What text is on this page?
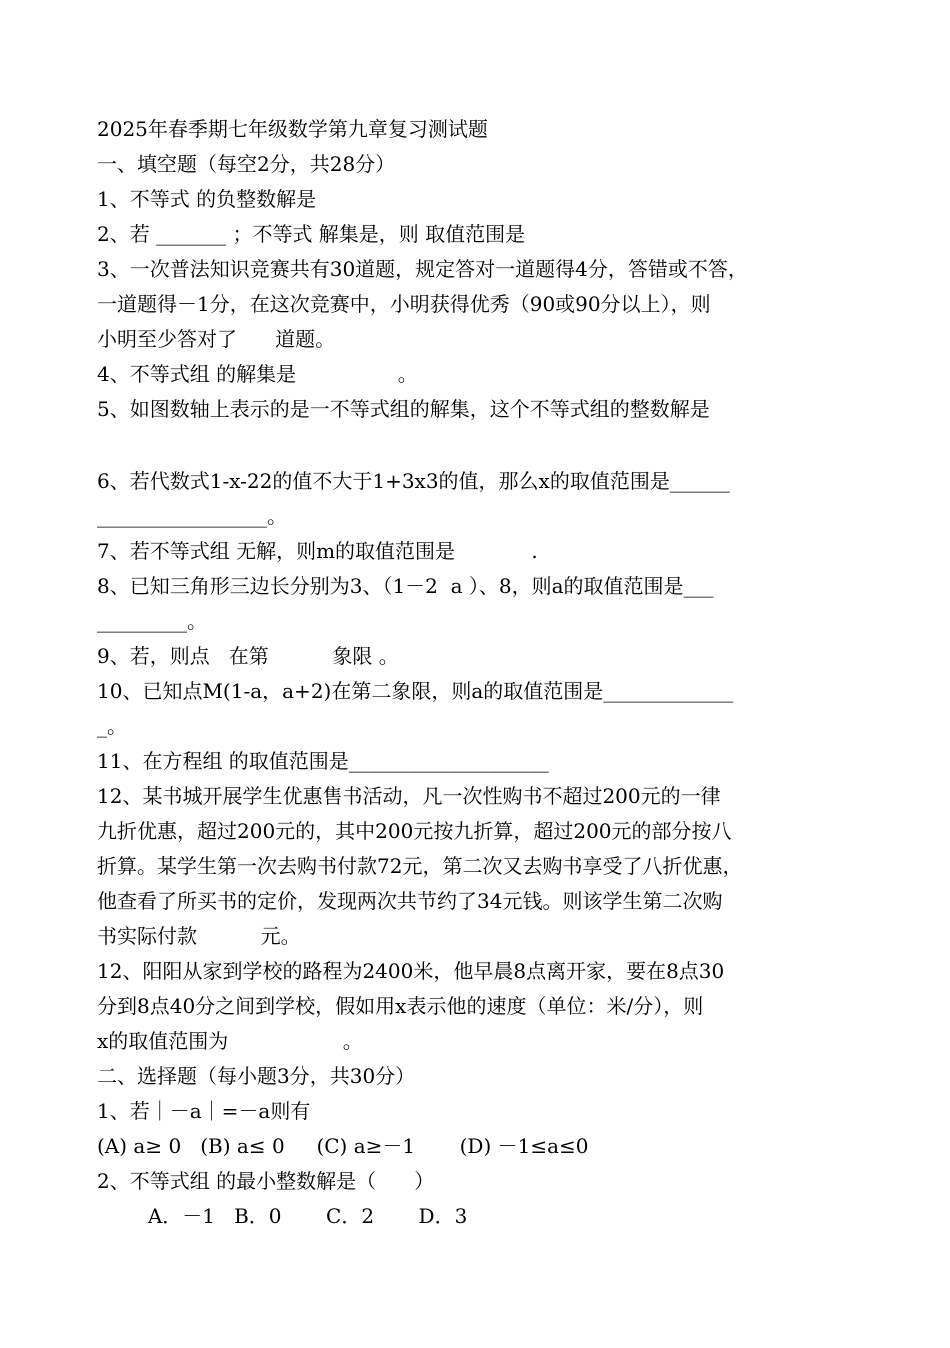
2025年春季期七年级数学第九章复习测试题
一、填空题（每空2分，共28分）
1、不等式 的负整数解是
2、若 _______ ；不等式 解集是，则 取值范围是
3、一次普法知识竞赛共有30道题，规定答对一道题得4分，答错或不答，
一道题得－1分，在这次竞赛中，小明获得优秀（90或90分以上），则
小明至少答对了      道题。
4、不等式组 的解集是                。
5、如图数轴上表示的是一不等式组的解集，这个不等式组的整数解是
6、若代数式1-x-22的值不大于1+3x3的值，那么x的取值范围是______
_________________。
7、若不等式组 无解，则m的取值范围是            .
8、已知三角形三边长分别为3、（1－2  a ）、8，则a的取值范围是___
_________。
9、若，则点   在第          象限 。
10、已知点M(1-a，a+2)在第二象限，则a的取值范围是_____________
_。
11、在方程组 的取值范围是____________________
12、某书城开展学生优惠售书活动，凡一次性购书不超过200元的一律
九折优惠，超过200元的，其中200元按九折算，超过200元的部分按八
折算。某学生第一次去购书付款72元，第二次又去购书享受了八折优惠，
他查看了所买书的定价，发现两次共节约了34元钱。则该学生第二次购
书实际付款          元。
12、阳阳从家到学校的路程为2400米，他早晨8点离开家，要在8点30
分到8点40分之间到学校，假如用x表示他的速度（单位：米/分），则
x的取值范围为                  。
二、选择题（每小题3分，共30分）
1、若｜－a｜=－a则有
(A) a≥ 0   (B) a≤ 0     (C) a≥－1       (D) －1≤a≤0
2、不等式组 的最小整数解是（      ）
A．－1   B．0       C．2       D．3
